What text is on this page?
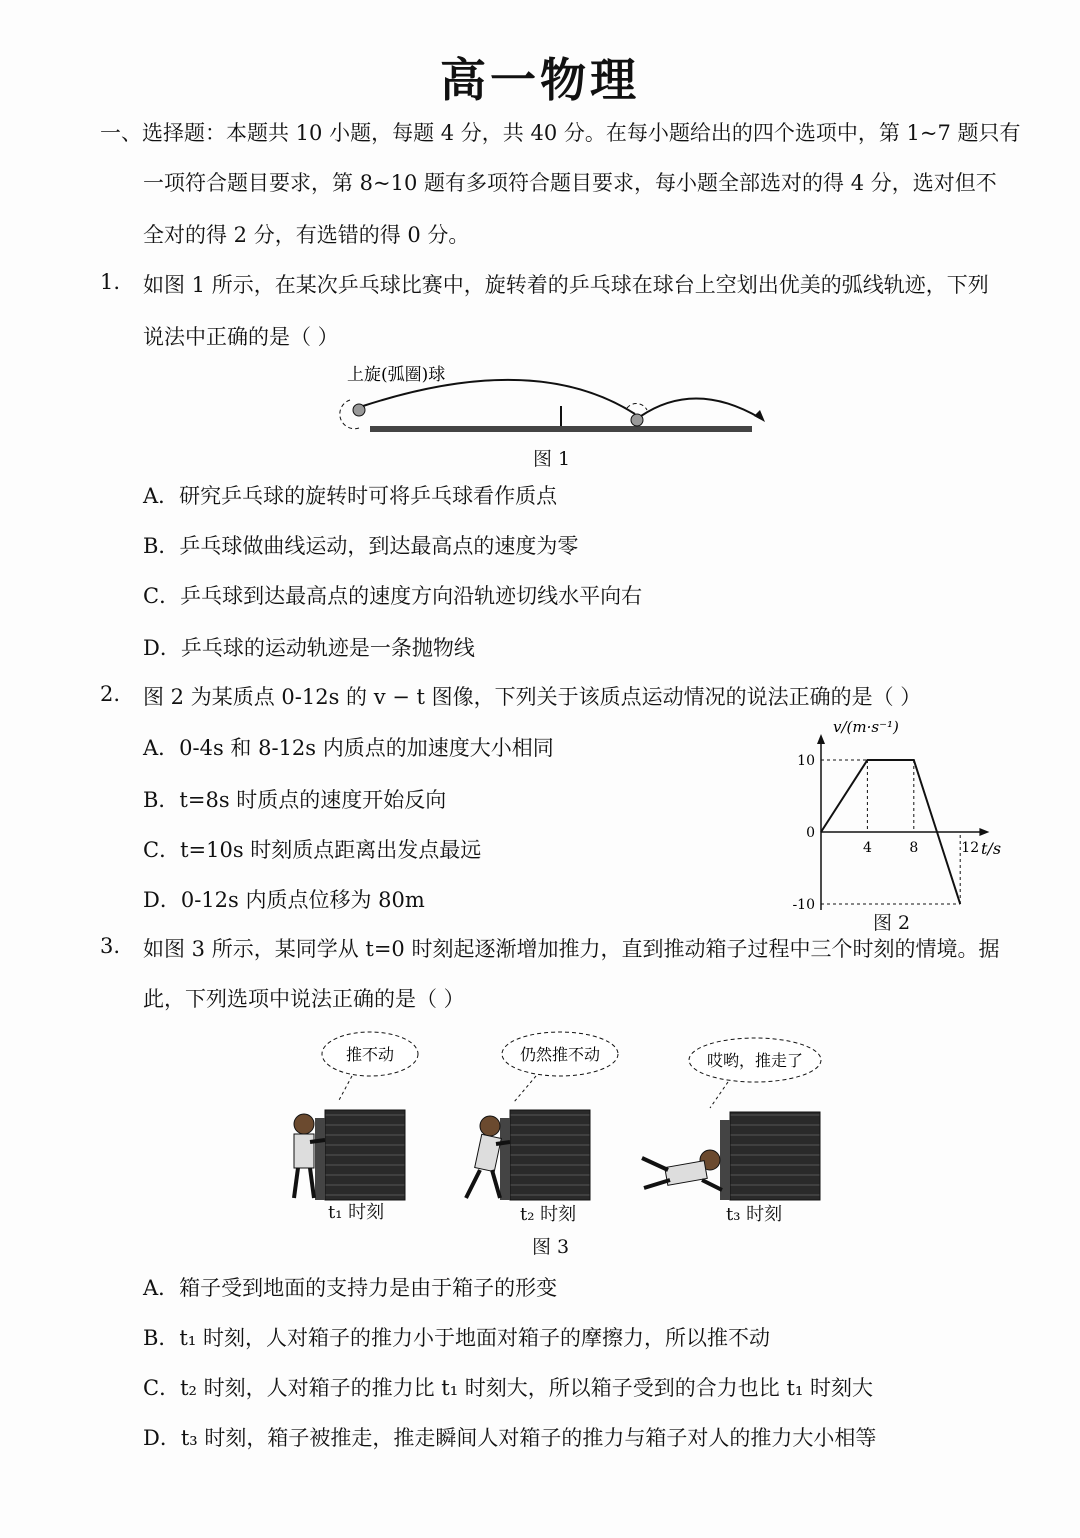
高一物理
一、选择题：本题共 10 小题，每题 4 分，共 40 分。在每小题给出的四个选项中，第 1~7 题只有
一项符合题目要求，第 8~10 题有多项符合题目要求，每小题全部选对的得 4 分，选对但不
全对的得 2 分，有选错的得 0 分。
1. 如图 1 所示，在某次乒乓球比赛中，旋转着的乒乓球在球台上空划出优美的弧线轨迹，下列
说法中正确的是（ ）
上旋(弧圈)球
图 1
A．研究乒乓球的旋转时可将乒乓球看作质点
B．乒乓球做曲线运动，到达最高点的速度为零
C．乒乓球到达最高点的速度方向沿轨迹切线水平向右
D．乒乓球的运动轨迹是一条抛物线
2. 图 2 为某质点 0-12s 的 v − t 图像，下列关于该质点运动情况的说法正确的是（ ）
A．0-4s 和 8-12s 内质点的加速度大小相同
B．t=8s 时质点的速度开始反向
C．t=10s 时刻质点距离出发点最远
D．0-12s 内质点位移为 80m
v/(m·s⁻¹)
t/s
10
0
-10
4	8	12
图 2
3. 如图 3 所示，某同学从 t=0 时刻起逐渐增加推力，直到推动箱子过程中三个时刻的情境。据
此，下列选项中说法正确的是（ ）
推不动	仍然推不动	哎哟，推走了
t₁ 时刻	t₂ 时刻	t₃ 时刻
图 3
A．箱子受到地面的支持力是由于箱子的形变
B．t₁ 时刻，人对箱子的推力小于地面对箱子的摩擦力，所以推不动
C．t₂ 时刻，人对箱子的推力比 t₁ 时刻大，所以箱子受到的合力也比 t₁ 时刻大
D．t₃ 时刻，箱子被推走，推走瞬间人对箱子的推力与箱子对人的推力大小相等
